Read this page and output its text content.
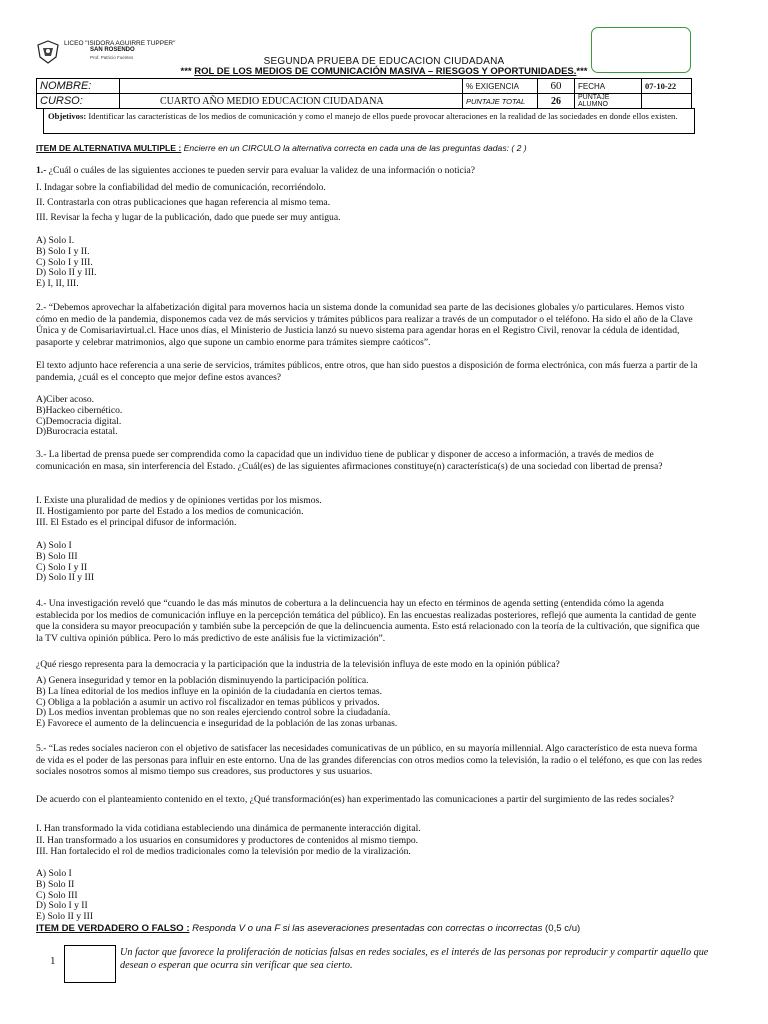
LICEO "ISIDORA AGUIRRE TUPPER"
SAN ROSENDO
Prof. Patricio Fuentes	SEGUNDA PRUEBA DE EDUCACION CIUDADANA
*** ROL DE LOS MEDIOS DE COMUNICACIÓN MASIVA – RIESGOS Y OPORTUNIDADES.***
NOMBRE:		% EXIGENCIA	60	FECHA	07-10-22
CURSO:	CUARTO AÑO MEDIO EDUCACION CIUDADANA	PUNTAJE TOTAL	26	PUNTAJE ALUMNO	
Objetivos: Identificar las características de los medios de comunicación y como el manejo de ellos puede provocar alteraciones en la realidad de las sociedades en donde ellos existen.
ITEM DE ALTERNATIVA MULTIPLE : Encierre en un CIRCULO la alternativa correcta en cada una de las preguntas dadas: ( 2 )
1.- ¿Cuál o cuáles de las siguientes acciones te pueden servir para evaluar la validez de una información o noticia?
I. Indagar sobre la confiabilidad del medio de comunicación, recorriéndolo.
II. Contrastarla con otras publicaciones que hagan referencia al mismo tema.
III. Revisar la fecha y lugar de la publicación, dado que puede ser muy antigua.
A) Solo I.
B) Solo I y II.
C) Solo I y III.
D) Solo II y III.
E) I, II, III.
2.- “Debemos aprovechar la alfabetización digital para movernos hacia un sistema donde la comunidad sea parte de las decisiones globales y/o particulares. Hemos visto cómo en medio de la pandemia, disponemos cada vez de más servicios y trámites públicos para realizar a través de un computador o el teléfono. Ha sido el año de la Clave Única y de Comisariavirtual.cl. Hace unos días, el Ministerio de Justicia lanzó su nuevo sistema para agendar horas en el Registro Civil, renovar la cédula de identidad, pasaporte y celebrar matrimonios, algo que supone un cambio enorme para trámites siempre caóticos”.
El texto adjunto hace referencia a una serie de servicios, trámites públicos, entre otros, que han sido puestos a disposición de forma electrónica, con más fuerza a partir de la pandemia, ¿cuál es el concepto que mejor define estos avances?
A)Ciber acoso.
B)Hackeo cibernético.
C)Democracia digital.
D)Burocracia estatal.
3.- La libertad de prensa puede ser comprendida como la capacidad que un individuo tiene de publicar y disponer de acceso a información, a través de medios de comunicación en masa, sin interferencia del Estado. ¿Cuál(es) de las siguientes afirmaciones constituye(n) característica(s) de una sociedad con libertad de prensa?
I. Existe una pluralidad de medios y de opiniones vertidas por los mismos.
II. Hostigamiento por parte del Estado a los medios de comunicación.
III. El Estado es el principal difusor de información.
A) Solo I
B) Solo III
C) Solo I y II
D) Solo II y III
4.- Una investigación reveló que “cuando le das más minutos de cobertura a la delincuencia hay un efecto en términos de agenda setting (entendida cómo la agenda establecida por los medios de comunicación influye en la percepción temática del público). En las encuestas realizadas posteriores, reflejó que aumenta la cantidad de gente que la considera su mayor preocupación y también sube la percepción de que la delincuencia aumenta. Esto está relacionado con la teoría de la cultivación, que significa que la TV cultiva opinión pública. Pero lo más predictivo de este análisis fue la victimización”.
¿Qué riesgo representa para la democracia y la participación que la industria de la televisión influya de este modo en la opinión pública?
A) Genera inseguridad y temor en la población disminuyendo la participación política.
B) La línea editorial de los medios influye en la opinión de la ciudadanía en ciertos temas.
C) Obliga a la población a asumir un activo rol fiscalizador en temas públicos y privados.
D) Los medios inventan problemas que no son reales ejerciendo control sobre la ciudadanía.
E) Favorece el aumento de la delincuencia e inseguridad de la población de las zonas urbanas.
5.- “Las redes sociales nacieron con el objetivo de satisfacer las necesidades comunicativas de un público, en su mayoría millennial. Algo característico de esta nueva forma de vida es el poder de las personas para influir en este entorno. Una de las grandes diferencias con otros medios como la televisión, la radio o el teléfono, es que con las redes sociales nosotros somos al mismo tiempo sus creadores, sus productores y sus usuarios.
De acuerdo con el planteamiento contenido en el texto, ¿Qué transformación(es) han experimentado las comunicaciones a partir del surgimiento de las redes sociales?
I. Han transformado la vida cotidiana estableciendo una dinámica de permanente interacción digital.
II. Han transformado a los usuarios en consumidores y productores de contenidos al mismo tiempo.
III. Han fortalecido el rol de medios tradicionales como la televisión por medio de la viralización.
A) Solo I
B) Solo II
C) Solo III
D) Solo I y II
E) Solo II y III
ITEM DE VERDADERO O FALSO : Responda V o una F si las aseveraciones presentadas con correctas o incorrectas (0,5 c/u)
1
Un factor que favorece la proliferación de noticias falsas en redes sociales, es el interés de las personas por reproducir y compartir aquello que desean o esperan que ocurra sin verificar que sea cierto.
